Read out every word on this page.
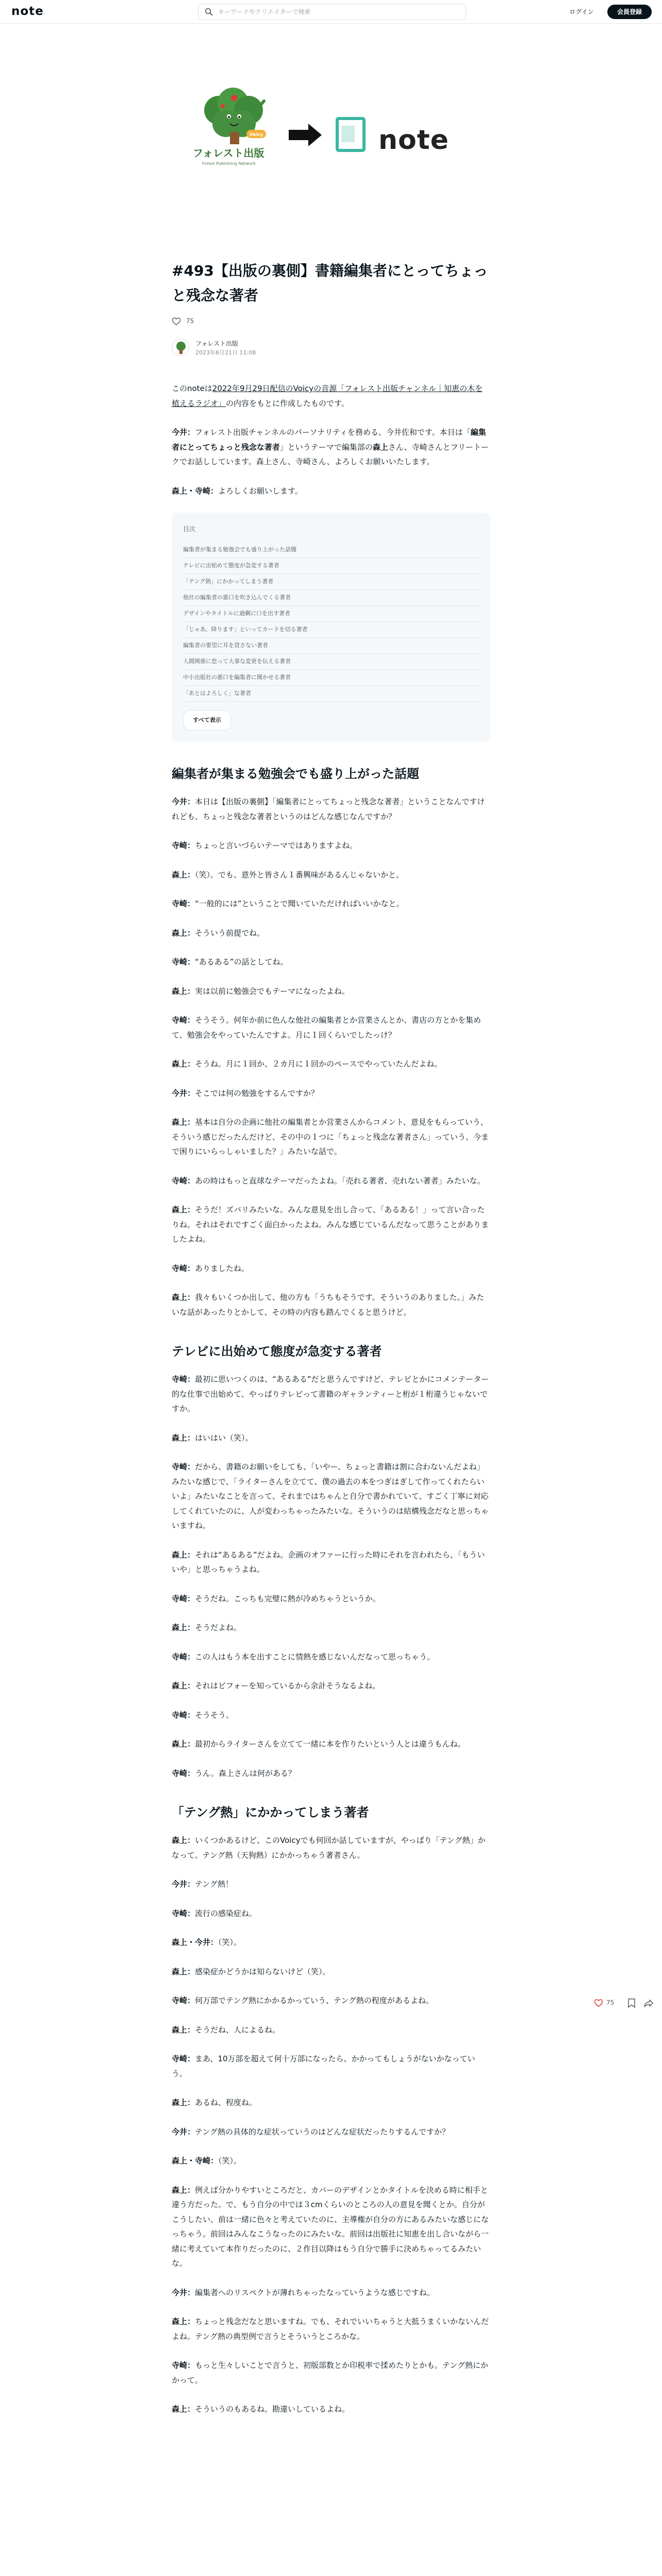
note
キーワードやクリエイターで検索	ログイン	会員登録
Voicy
フォレスト出版
Forest Publishing Network
note
#493【出版の裏側】書籍編集者にとってちょっと残念な著者
75
フォレスト出版
2023年6月21日 11:08

このnoteは2022年9月29日配信のVoicyの音源「フォレスト出版チャンネル｜知恵の木を植えるラジオ」の内容をもとに作成したものです。

今井：フォレスト出版チャンネルのパーソナリティを務める、今井佐和です。本日は「編集者にとってちょっと残念な著者」というテーマで編集部の森上さん、寺崎さんとフリートークでお話ししています。森上さん、寺崎さん、よろしくお願いいたします。

森上・寺崎：よろしくお願いします。

目次
編集者が集まる勉強会でも盛り上がった話題
テレビに出始めて態度が急変する著者
「テング熱」にかかってしまう著者
他社の編集者の悪口を吹き込んでくる著者
デザインやタイトルに過剰に口を出す著者
「じゃあ、降ります」といってカードを切る著者
編集者の要望に耳を貸さない著者
人間関係に怠って大事な変更を伝える著者
中小出版社の悪口を編集者に聞かせる著者
「あとはよろしく」な著者
すべて表示
編集者が集まる勉強会でも盛り上がった話題

今井：本日は【出版の裏側】「編集者にとってちょっと残念な著者」ということなんですけれども、ちょっと残念な著者というのはどんな感じなんですか？

寺崎：ちょっと言いづらいテーマではありますよね。

森上：（笑）。でも、意外と皆さん１番興味があるんじゃないかと。

寺崎：“一般的には”ということで聞いていただければいいかなと。

森上：そういう前提でね。

寺崎：“あるある”の話としてね。

森上：実は以前に勉強会でもテーマになったよね。

寺崎：そうそう。何年か前に色んな他社の編集者とか営業さんとか、書店の方とかを集めて、勉強会をやっていたんですよ。月に１回くらいでしたっけ？

森上：そうね。月に１回か、２カ月に１回かのペースでやっていたんだよね。

今井：そこでは何の勉強をするんですか？

森上：基本は自分の企画に他社の編集者とか営業さんからコメント、意見をもらっていう、そういう感じだったんだけど、その中の１つに「ちょっと残念な著者さん」っていう、今まで困りにいらっしゃいました？」みたいな話で。

寺崎：あの時はもっと直球なテーマだったよね。「売れる著者、売れない著者」みたいな。

森上：そうだ！ズバリみたいな。みんな意見を出し合って、「あるある！」って言い合ったりね。それはそれですごく面白かったよね。みんな感じているんだなって思うことがありましたよね。

寺崎：ありましたね。

森上：我々もいくつか出して、他の方も「うちもそうです。そういうのありました。」みたいな話があったりとかして、その時の内容も踏んでくると思うけど。

テレビに出始めて態度が急変する著者

寺崎：最初に思いつくのは、“あるある”だと思うんですけど、テレビとかにコメンテーター的な仕事で出始めて、やっぱりテレビって書籍のギャランティーと桁が１桁違うじゃないですか。

森上：はいはい（笑）。

寺崎：だから、書籍のお願いをしても、「いやー、ちょっと書籍は割に合わないんだよね」みたいな感じで、「ライターさんを立てて、僕の過去の本をつぎはぎして作ってくれたらいいよ」みたいなことを言って、それまではちゃんと自分で書かれていて、すごく丁寧に対応してくれていたのに、人が変わっちゃったみたいな。そういうのは結構残念だなと思っちゃいますね。

森上：それは“あるある”だよね。企画のオファーに行った時にそれを言われたら、「もういいや」と思っちゃうよね。

寺崎：そうだね。こっちも完璧に熱が冷めちゃうというか。

森上：そうだよね。

寺崎：この人はもう本を出すことに情熱を感じないんだなって思っちゃう。

森上：それはビフォーを知っているから余計そうなるよね。

寺崎：そうそう。

森上：最初からライターさんを立てて一緒に本を作りたいという人とは違うもんね。

寺崎：うん。森上さんは何がある？

「テング熱」にかかってしまう著者

森上：いくつかあるけど、このVoicyでも何回か話していますが、やっぱり「テング熱」かなって。テング熱（天狗熱）にかかっちゃう著者さん。

今井：テング熱！

寺崎：流行の感染症ね。

森上・今井：（笑）。

森上：感染症かどうかは知らないけど（笑）。

寺崎：何万部でテング熱にかかるかっていう、テング熱の程度があるよね。

森上：そうだね、人によるね。

寺崎：まあ、10万部を超えて何十万部になったら、かかってもしょうがないかなっていう。

森上：あるね、程度ね。

今井：テング熱の具体的な症状っていうのはどんな症状だったりするんですか？

森上・寺崎：（笑）。

森上：例えば分かりやすいところだと、カバーのデザインとかタイトルを決める時に相手と違う方だった。で、もう自分の中では３cmくらいのところの人の意見を聞くとか。自分がこうしたい、前は一緒に色々と考えていたのに、主導権が自分の方にあるみたいな感じになっちゃう。前回はみんなこうなったのにみたいな。前回は出版社に知恵を出し合いながら一緒に考えていて本作りだったのに、２作目以降はもう自分で勝手に決めちゃってるみたいな。

今井：編集者へのリスペクトが薄れちゃったなっていうような感じですね。

森上：ちょっと残念だなと思いますね。でも、それでいいちゃうと大抵うまくいかないんだよね。テング熱の典型例で言うとそういうところかな。

寺崎：もっと生々しいことで言うと、初版部数とか印税率で揉めたりとかも。テング熱にかかって。

森上：そういうのもあるね。勘違いしているよね。

75
